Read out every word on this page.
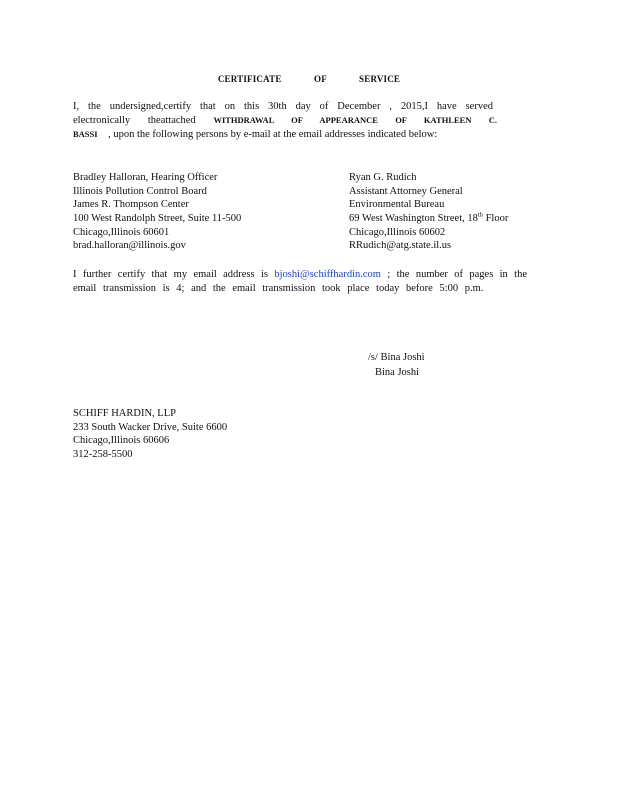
CERTIFICATE OF SERVICE
I, the undersigned,certify that on this 30th day of December , 2015,I have served
electronically theattached WITHDRAWAL OF APPEARANCE OF KATHLEEN C.
BASSI , upon the following persons by e-mail at the email addresses indicated below:
Bradley Halloran, Hearing Officer
Illinois Pollution Control Board
James R. Thompson Center
100 West Randolph Street, Suite 11-500
Chicago,Illinois 60601
brad.halloran@illinois.gov
Ryan G. Rudich
Assistant Attorney General
Environmental Bureau
69 West Washington Street, 18th Floor
Chicago,Illinois 60602
RRudich@atg.state.il.us
I further certify that my email address is bjoshi@schiffhardin.com ; the number of pages in the
email transmission is 4; and the email transmission took place today before 5:00 p.m.
/s/ Bina Joshi
Bina Joshi
SCHIFF HARDIN, LLP
233 South Wacker Drive, Suite 6600
Chicago,Illinois 60606
312-258-5500
